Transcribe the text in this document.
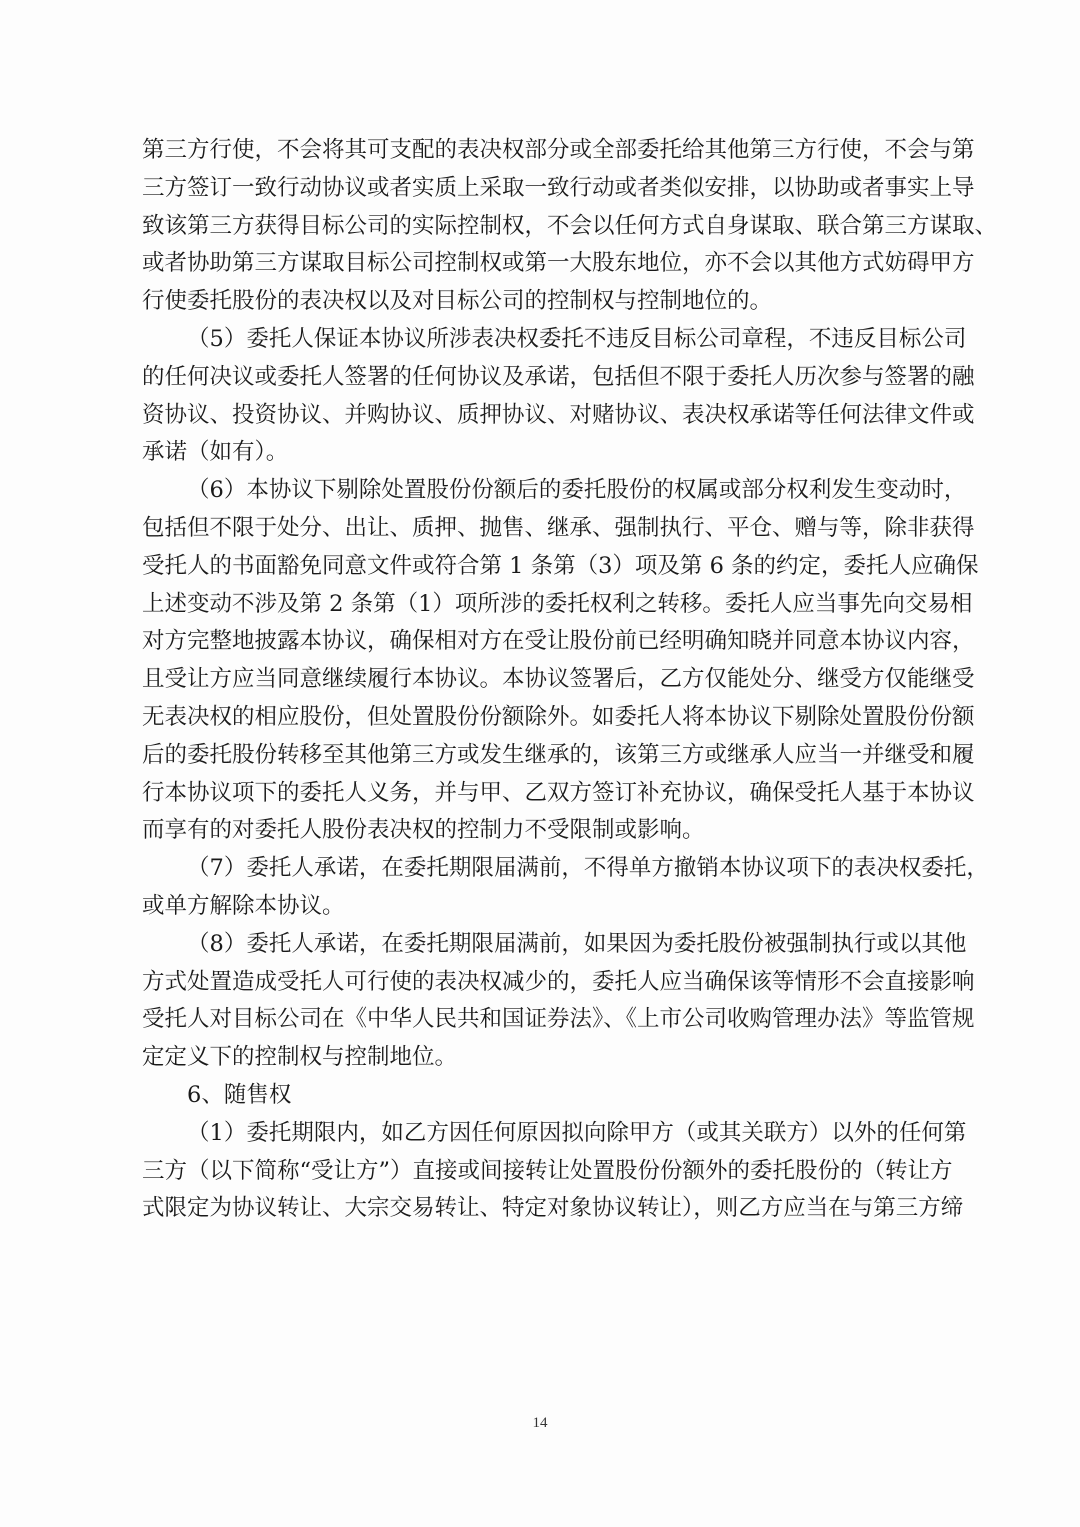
第三方行使，不会将其可支配的表决权部分或全部委托给其他第三方行使，不会与第
三方签订一致行动协议或者实质上采取一致行动或者类似安排，以协助或者事实上导
致该第三方获得目标公司的实际控制权，不会以任何方式自身谋取、联合第三方谋取、
或者协助第三方谋取目标公司控制权或第一大股东地位，亦不会以其他方式妨碍甲方
行使委托股份的表决权以及对目标公司的控制权与控制地位的。
（5）委托人保证本协议所涉表决权委托不违反目标公司章程，不违反目标公司
的任何决议或委托人签署的任何协议及承诺，包括但不限于委托人历次参与签署的融
资协议、投资协议、并购协议、质押协议、对赌协议、表决权承诺等任何法律文件或
承诺（如有）。
（6）本协议下剔除处置股份份额后的委托股份的权属或部分权利发生变动时，
包括但不限于处分、出让、质押、抛售、继承、强制执行、平仓、赠与等，除非获得
受托人的书面豁免同意文件或符合第 1 条第（3）项及第 6 条的约定，委托人应确保
上述变动不涉及第 2 条第（1）项所涉的委托权利之转移。委托人应当事先向交易相
对方完整地披露本协议，确保相对方在受让股份前已经明确知晓并同意本协议内容，
且受让方应当同意继续履行本协议。本协议签署后，乙方仅能处分、继受方仅能继受
无表决权的相应股份，但处置股份份额除外。如委托人将本协议下剔除处置股份份额
后的委托股份转移至其他第三方或发生继承的，该第三方或继承人应当一并继受和履
行本协议项下的委托人义务，并与甲、乙双方签订补充协议，确保受托人基于本协议
而享有的对委托人股份表决权的控制力不受限制或影响。
（7）委托人承诺，在委托期限届满前，不得单方撤销本协议项下的表决权委托，
或单方解除本协议。
（8）委托人承诺，在委托期限届满前，如果因为委托股份被强制执行或以其他
方式处置造成受托人可行使的表决权减少的，委托人应当确保该等情形不会直接影响
受托人对目标公司在《中华人民共和国证券法》、《上市公司收购管理办法》等监管规
定定义下的控制权与控制地位。
6、随售权
（1）委托期限内，如乙方因任何原因拟向除甲方（或其关联方）以外的任何第
三方（以下简称“受让方”）直接或间接转让处置股份份额外的委托股份的（转让方
式限定为协议转让、大宗交易转让、特定对象协议转让），则乙方应当在与第三方缔
14
